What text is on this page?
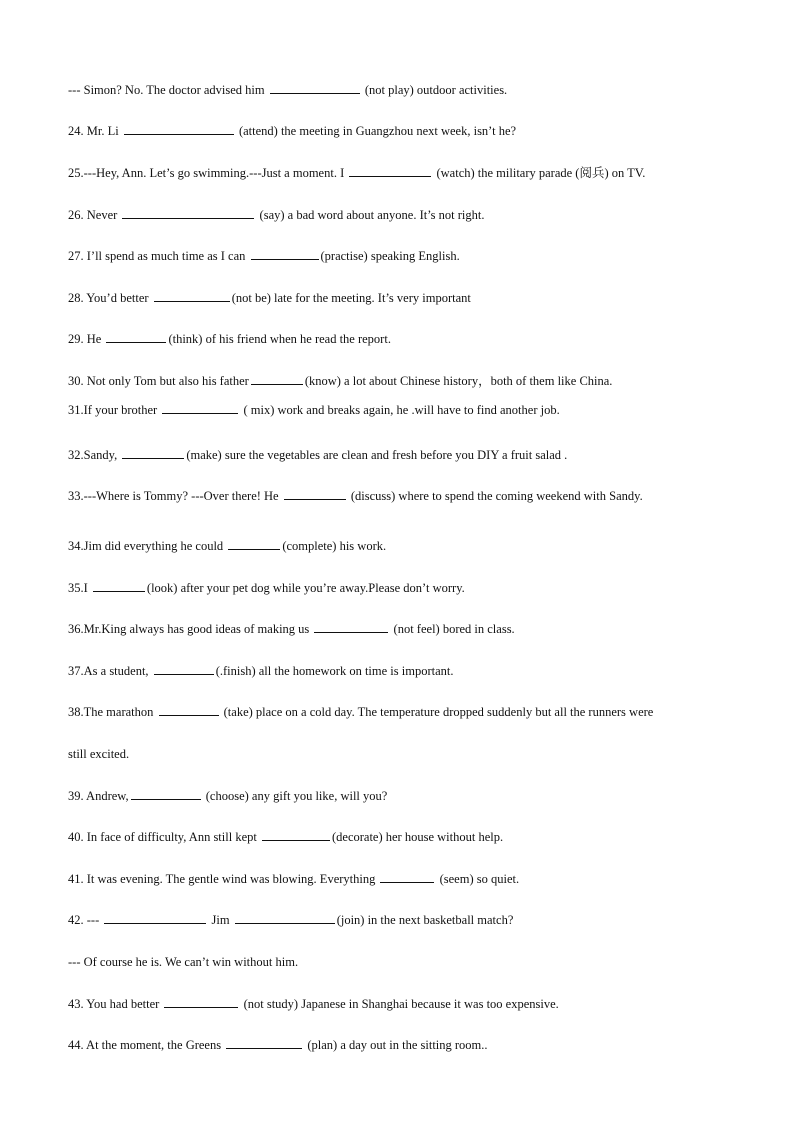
--- Simon? No. The doctor advised him	(not play) outdoor activities.
24. Mr. Li	(attend) the meeting in Guangzhou next week, isn’t he?
25.---Hey, Ann. Let’s go swimming.---Just a moment. I	(watch) the military parade (阅兵) on TV.
26. Never	(say) a bad word about anyone. It’s not right.
27. I’ll spend as much time as I can	(practise) speaking English.
28. You’d better	(not be) late for the meeting. It’s very important
29. He	(think) of his friend when he read the report.
30. Not only Tom but also his father	(know) a lot about Chinese history，both of them like China.
31.If your brother	( mix) work and breaks again, he .will have to find another job.
32.Sandy,	(make) sure the vegetables are clean and fresh before you DIY a fruit salad .
33.---Where is Tommy? ---Over there! He	(discuss) where to spend the coming weekend with Sandy.
34.Jim did everything he could	(complete) his work.
35.I	(look) after your pet dog while you’re away.Please don’t worry.
36.Mr.King always has good ideas of making us	(not feel) bored in class.
37.As a student,	(.finish) all the homework on time is important.
38.The marathon	(take) place on a cold day. The temperature dropped suddenly but all the runners were
still excited.
39. Andrew,	(choose) any gift you like, will you?
40. In face of difficulty, Ann still kept	(decorate) her house without help.
41. It was evening. The gentle wind was blowing. Everything	(seem) so quiet.
42. ---	Jim	(join) in the next basketball match?
--- Of course he is. We can’t win without him.
43. You had better	(not study) Japanese in Shanghai because it was too expensive.
44. At the moment, the Greens	(plan) a day out in the sitting room..
